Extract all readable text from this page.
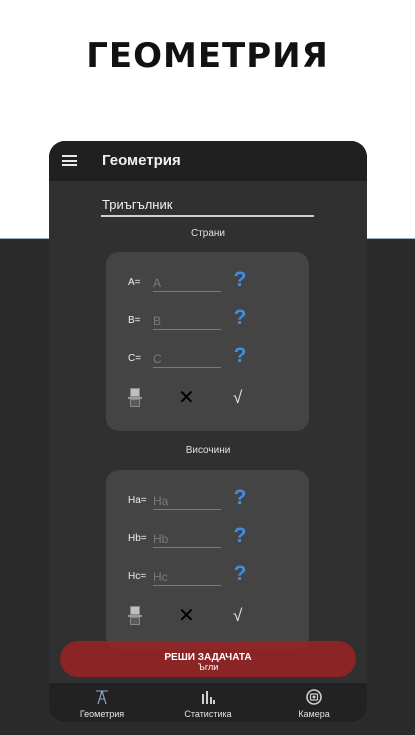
ГЕОМЕТРИЯ
Геометрия
Триъгълник
Страни
A= A	?
B= B	?
C= C	?
✕ √
Височини
Ha= Ha	?
Hb= Hb	?
Hc= Hc	?
✕ √
РЕШИ ЗАДАЧАТА
Ъгли
Геометрия	Статистика	Камера
